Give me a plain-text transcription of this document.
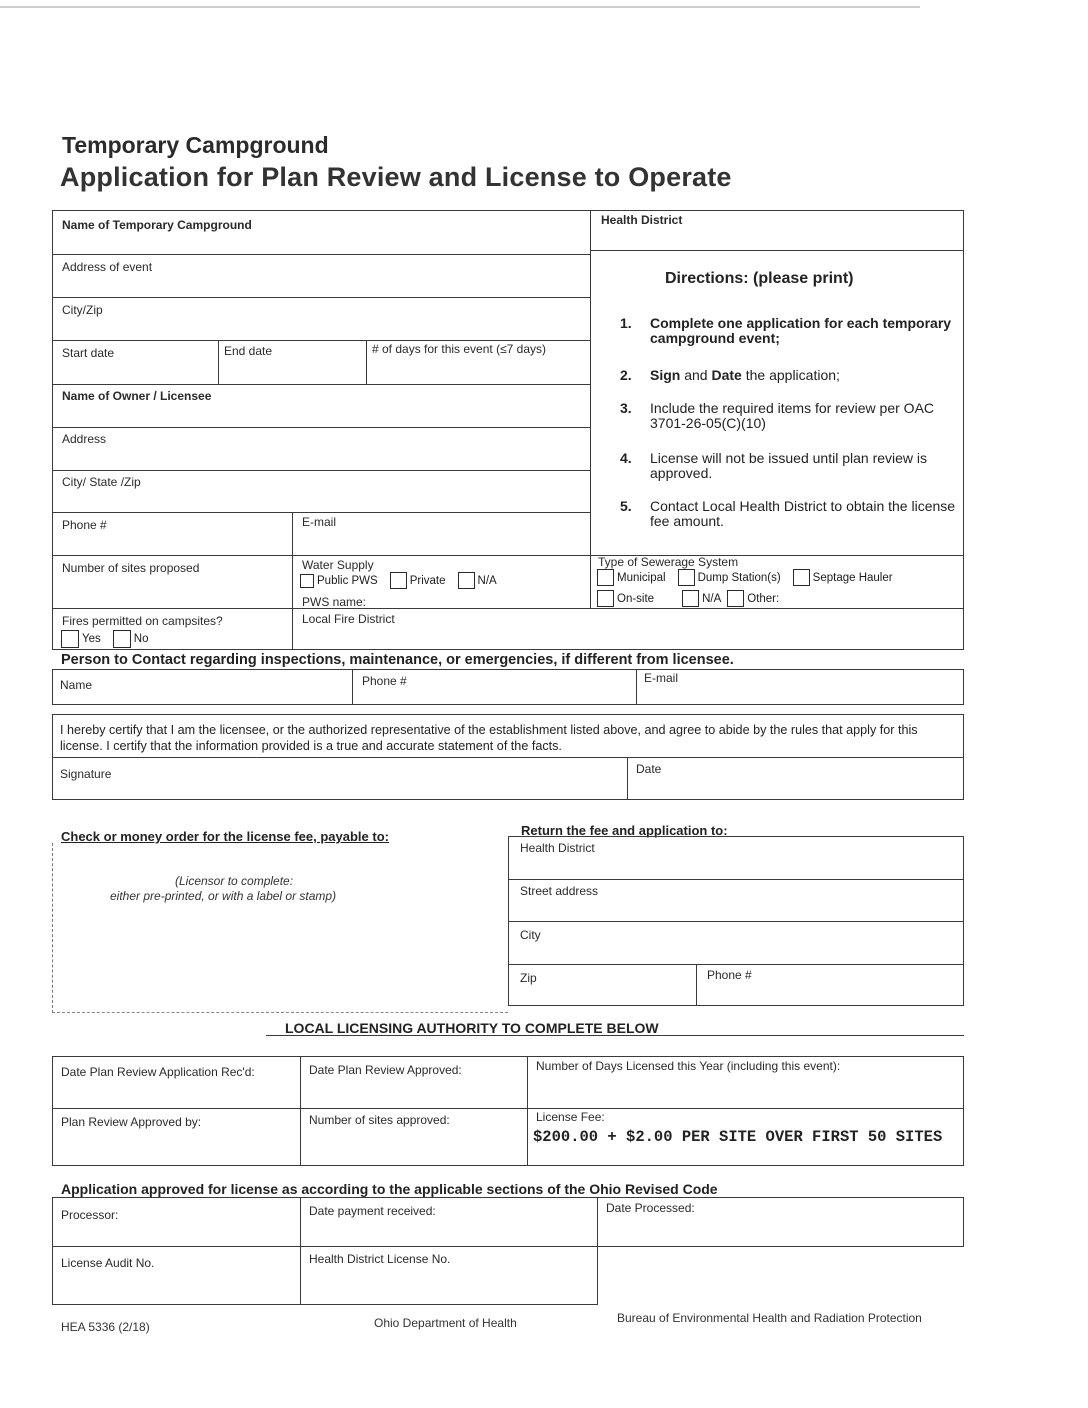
Temporary Campground
Application for Plan Review and License to Operate
Name of Temporary Campground	Health District
Address of event
City/Zip
Start date	End date	# of days for this event (≤7 days)
Name of Owner / Licensee
Address
City/ State /Zip
Phone #	E-mail
Number of sites proposed	Water Supply
Public PWS	Private	N/A
PWS name:
Type of Sewerage System
Municipal	Dump Station(s)	Septage Hauler
On-site	N/A Other:
Fires permitted on campsites?
Yes	No
Local Fire District
Directions: (please print)
1. Complete one application for each temporary campground event;
2. Sign and Date the application;
3. Include the required items for review per OAC 3701-26-05(C)(10)
4. License will not be issued until plan review is approved.
5. Contact Local Health District to obtain the license fee amount.
Person to Contact regarding inspections, maintenance, or emergencies, if different from licensee.
Name	Phone #	E-mail
I hereby certify that I am the licensee, or the authorized representative of the establishment listed above, and agree to abide by the rules that apply for this license. I certify that the information provided is a true and accurate statement of the facts.
Signature	Date
Check or money order for the license fee, payable to:
(Licensor to complete:
either pre-printed, or with a label or stamp)
Return the fee and application to:
Health District
Street address
City
Zip	Phone #
LOCAL LICENSING AUTHORITY TO COMPLETE BELOW
Date Plan Review Application Rec'd:	Date Plan Review Approved:	Number of Days Licensed this Year (including this event):
Plan Review Approved by:	Number of sites approved:	License Fee:
$200.00 + $2.00 PER SITE OVER FIRST 50 SITES
Application approved for license as according to the applicable sections of the Ohio Revised Code
Processor:	Date payment received:	Date Processed:
License Audit No.	Health District License No.
HEA 5336 (2/18)	Ohio Department of Health	Bureau of Environmental Health and Radiation Protection
